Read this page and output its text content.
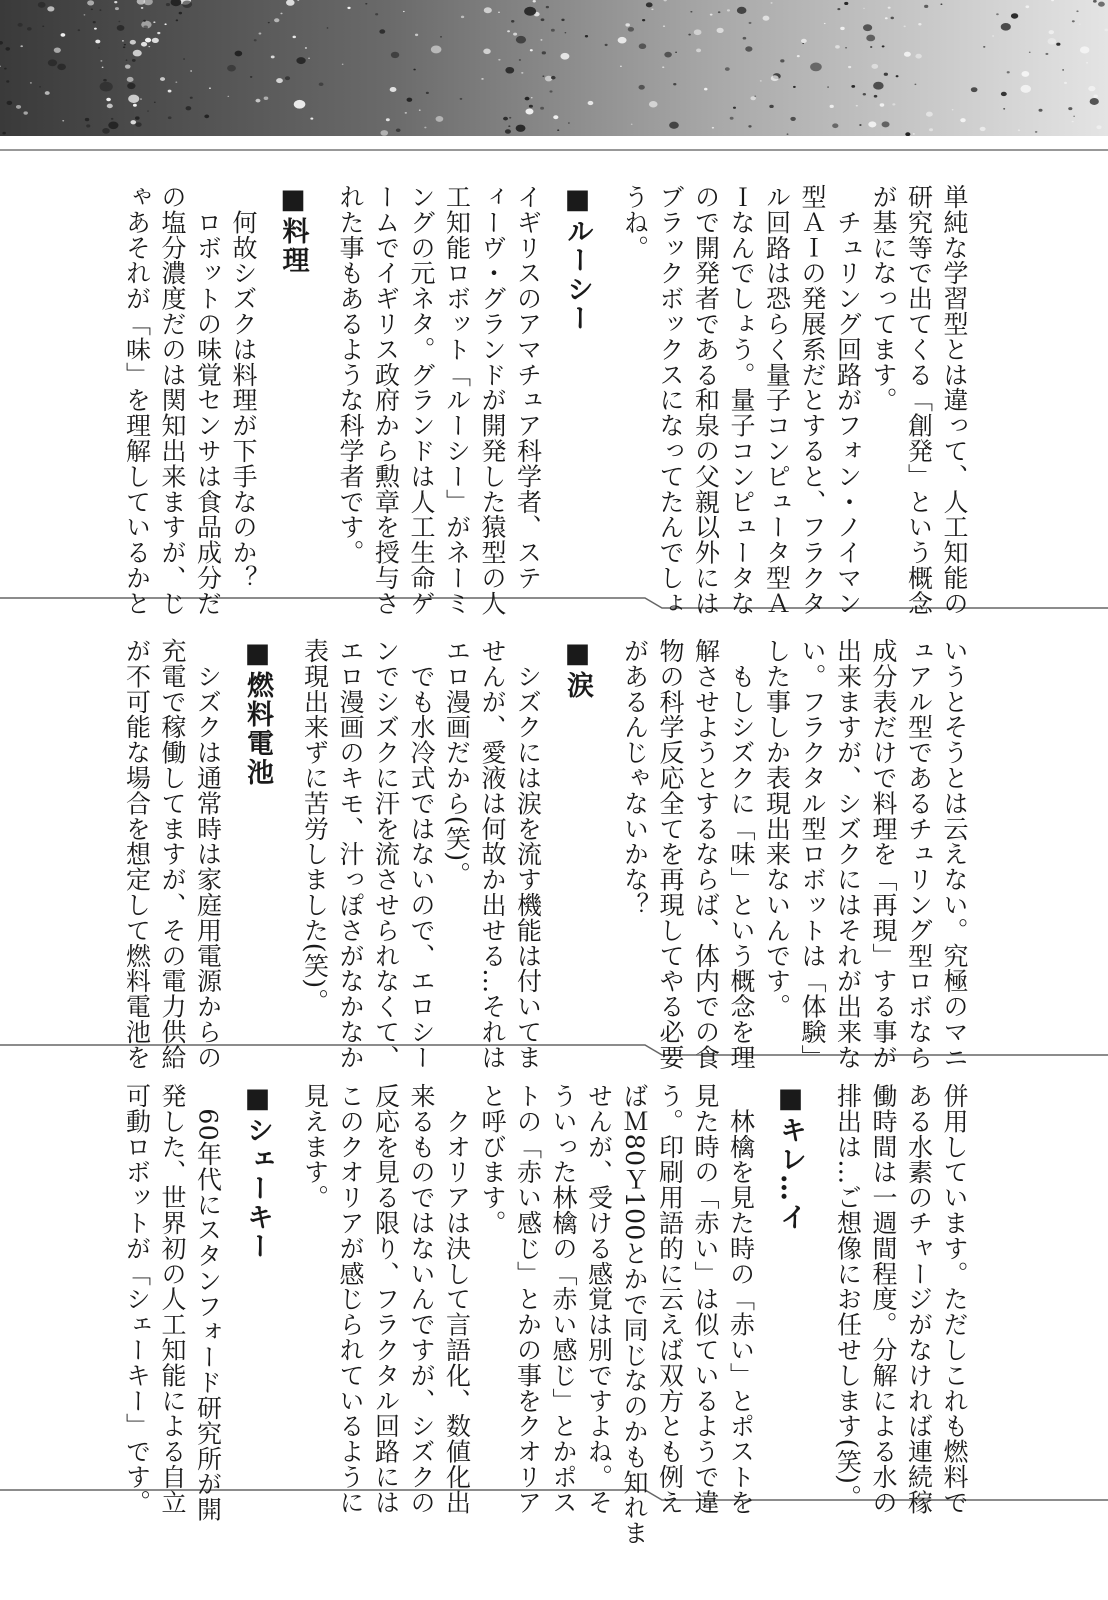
単純な学習型とは違って、人工知能の
研究等で出てくる「創発」という概念
が基になってます。
　チュリング回路がフォン・ノイマン
型ＡＩの発展系だとすると、フラクタ
ル回路は恐らく量子コンピュータ型Ａ
Ｉなんでしょう。量子コンピュータな
ので開発者である和泉の父親以外には
ブラックボックスになってたんでしょ
うね。
■ルーシー
イギリスのアマチュア科学者、ステ
ィーヴ・グランドが開発した猿型の人
工知能ロボット「ルーシー」がネーミ
ングの元ネタ。グランドは人工生命ゲ
ームでイギリス政府から勲章を授与さ
れた事もあるような科学者です。
■料理
　何故シズクは料理が下手なのか？
　ロボットの味覚センサは食品成分だ
の塩分濃度だのは関知出来ますが、じ
ゃあそれが「味」を理解しているかと
いうとそうとは云えない。究極のマニ
ュアル型であるチュリング型ロボなら
成分表だけで料理を「再現」する事が
出来ますが、シズクにはそれが出来な
い。フラクタル型ロボットは「体験」
した事しか表現出来ないんです。
　もしシズクに「味」という概念を理
解させようとするならば、体内での食
物の科学反応全てを再現してやる必要
があるんじゃないかな？
■涙
　シズクには涙を流す機能は付いてま
せんが、愛液は何故か出せる…それは
エロ漫画だから(笑)。
　でも水冷式ではないので、エロシー
ンでシズクに汗を流させられなくて、
エロ漫画のキモ、汁っぽさがなかなか
表現出来ずに苦労しました(笑)。
■燃料電池
　シズクは通常時は家庭用電源からの
充電で稼働してますが、その電力供給
が不可能な場合を想定して燃料電池を
併用しています。ただしこれも燃料で
ある水素のチャージがなければ連続稼
働時間は一週間程度。分解による水の
排出は…ご想像にお任せします(笑)。
■キレ…イ
　林檎を見た時の「赤い」とポストを
見た時の「赤い」は似ているようで違
う。印刷用語的に云えば双方とも例え
ばＭ80Ｙ100とかで同じなのかも知れま
せんが、受ける感覚は別ですよね。そ
ういった林檎の「赤い感じ」とかポス
トの「赤い感じ」とかの事をクオリア
と呼びます。
　クオリアは決して言語化、数値化出
来るものではないんですが、シズクの
反応を見る限り、フラクタル回路には
このクオリアが感じられているように
見えます。
■シェーキー
　60年代にスタンフォード研究所が開
発した、世界初の人工知能による自立
可動ロボットが「シェーキー」です。
